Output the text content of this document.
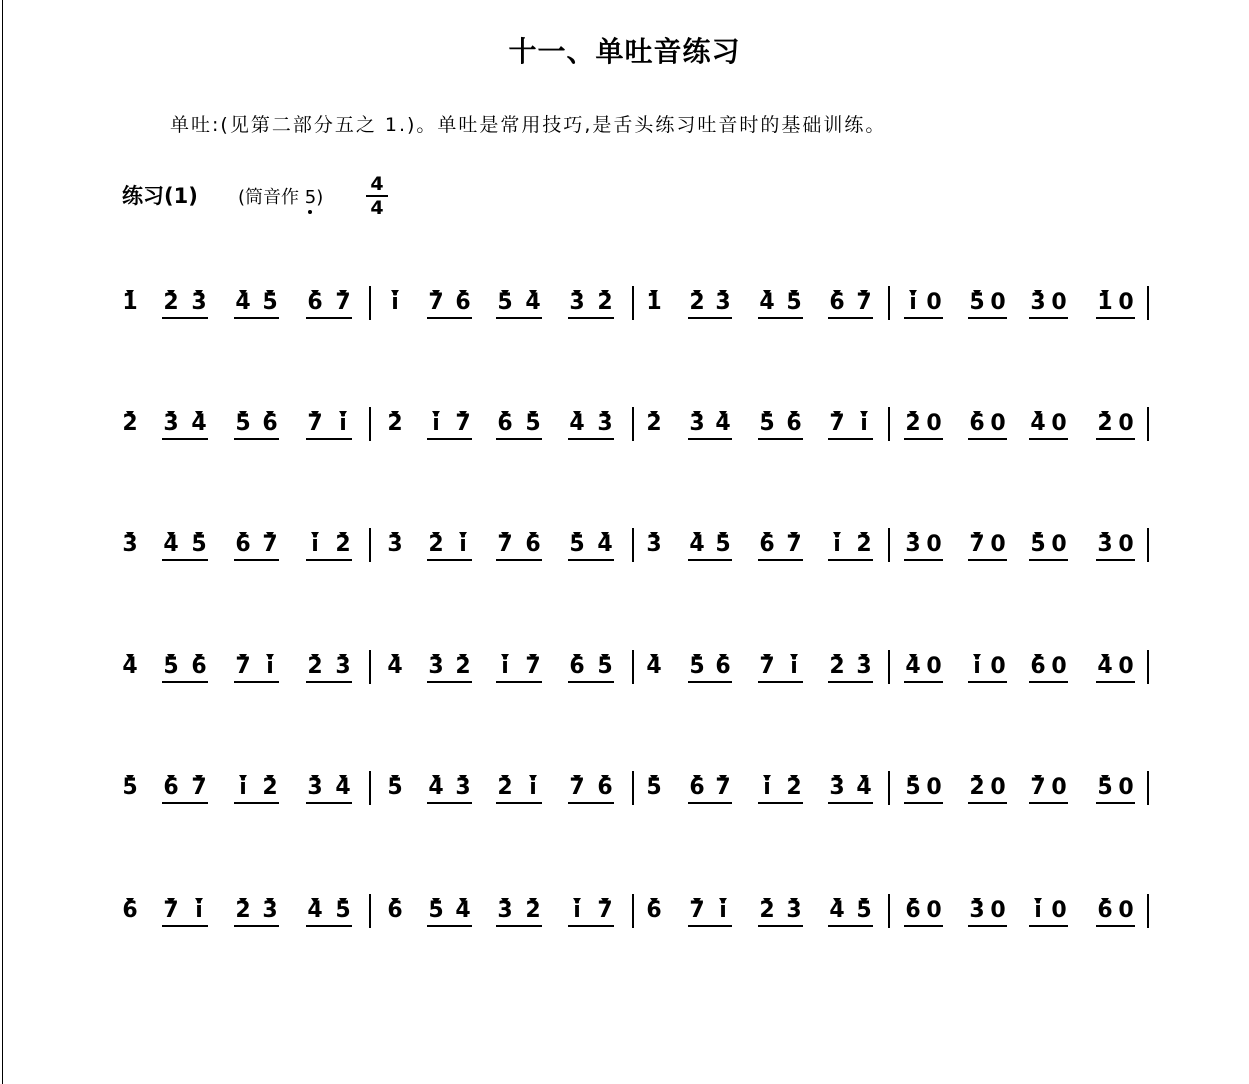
十一、单吐音练习
单吐:(见第二部分五之 1.)。单吐是常用技巧,是舌头练习吐音时的基础训练。
练习(1) (筒音作 $5) \frac{4}{4}$
1 2 3 4 5 6 7 i 7 6 5 4 3 2 1 2 3 4 5 6 7 i 0 5 0 3 0 1 0
2 3 4 5 6 7 i 2 i 7 6 5 4 3 2 3 4 5 6 7 i 2 0 6 0 4 0 2 0
3 4 5 6 7 i 2 3 2 i 7 6 5 4 3 4 5 6 7 i 2 3 0 7 0 5 0 3 0
4 5 6 7 i 2 3 4 3 2 i 7 6 5 4 5 6 7 i 2 3 4 0 i 0 6 0 4 0
5 6 7 i 2 3 4 5 4 3 2 i 7 6 5 6 7 i 2 3 4 5 0 2 0 7 0 5 0
6 7 i 2 3 4 5 6 5 4 3 2 i 7 6 7 i 2 3 4 5 6 0 3 0 i 0 6 0
